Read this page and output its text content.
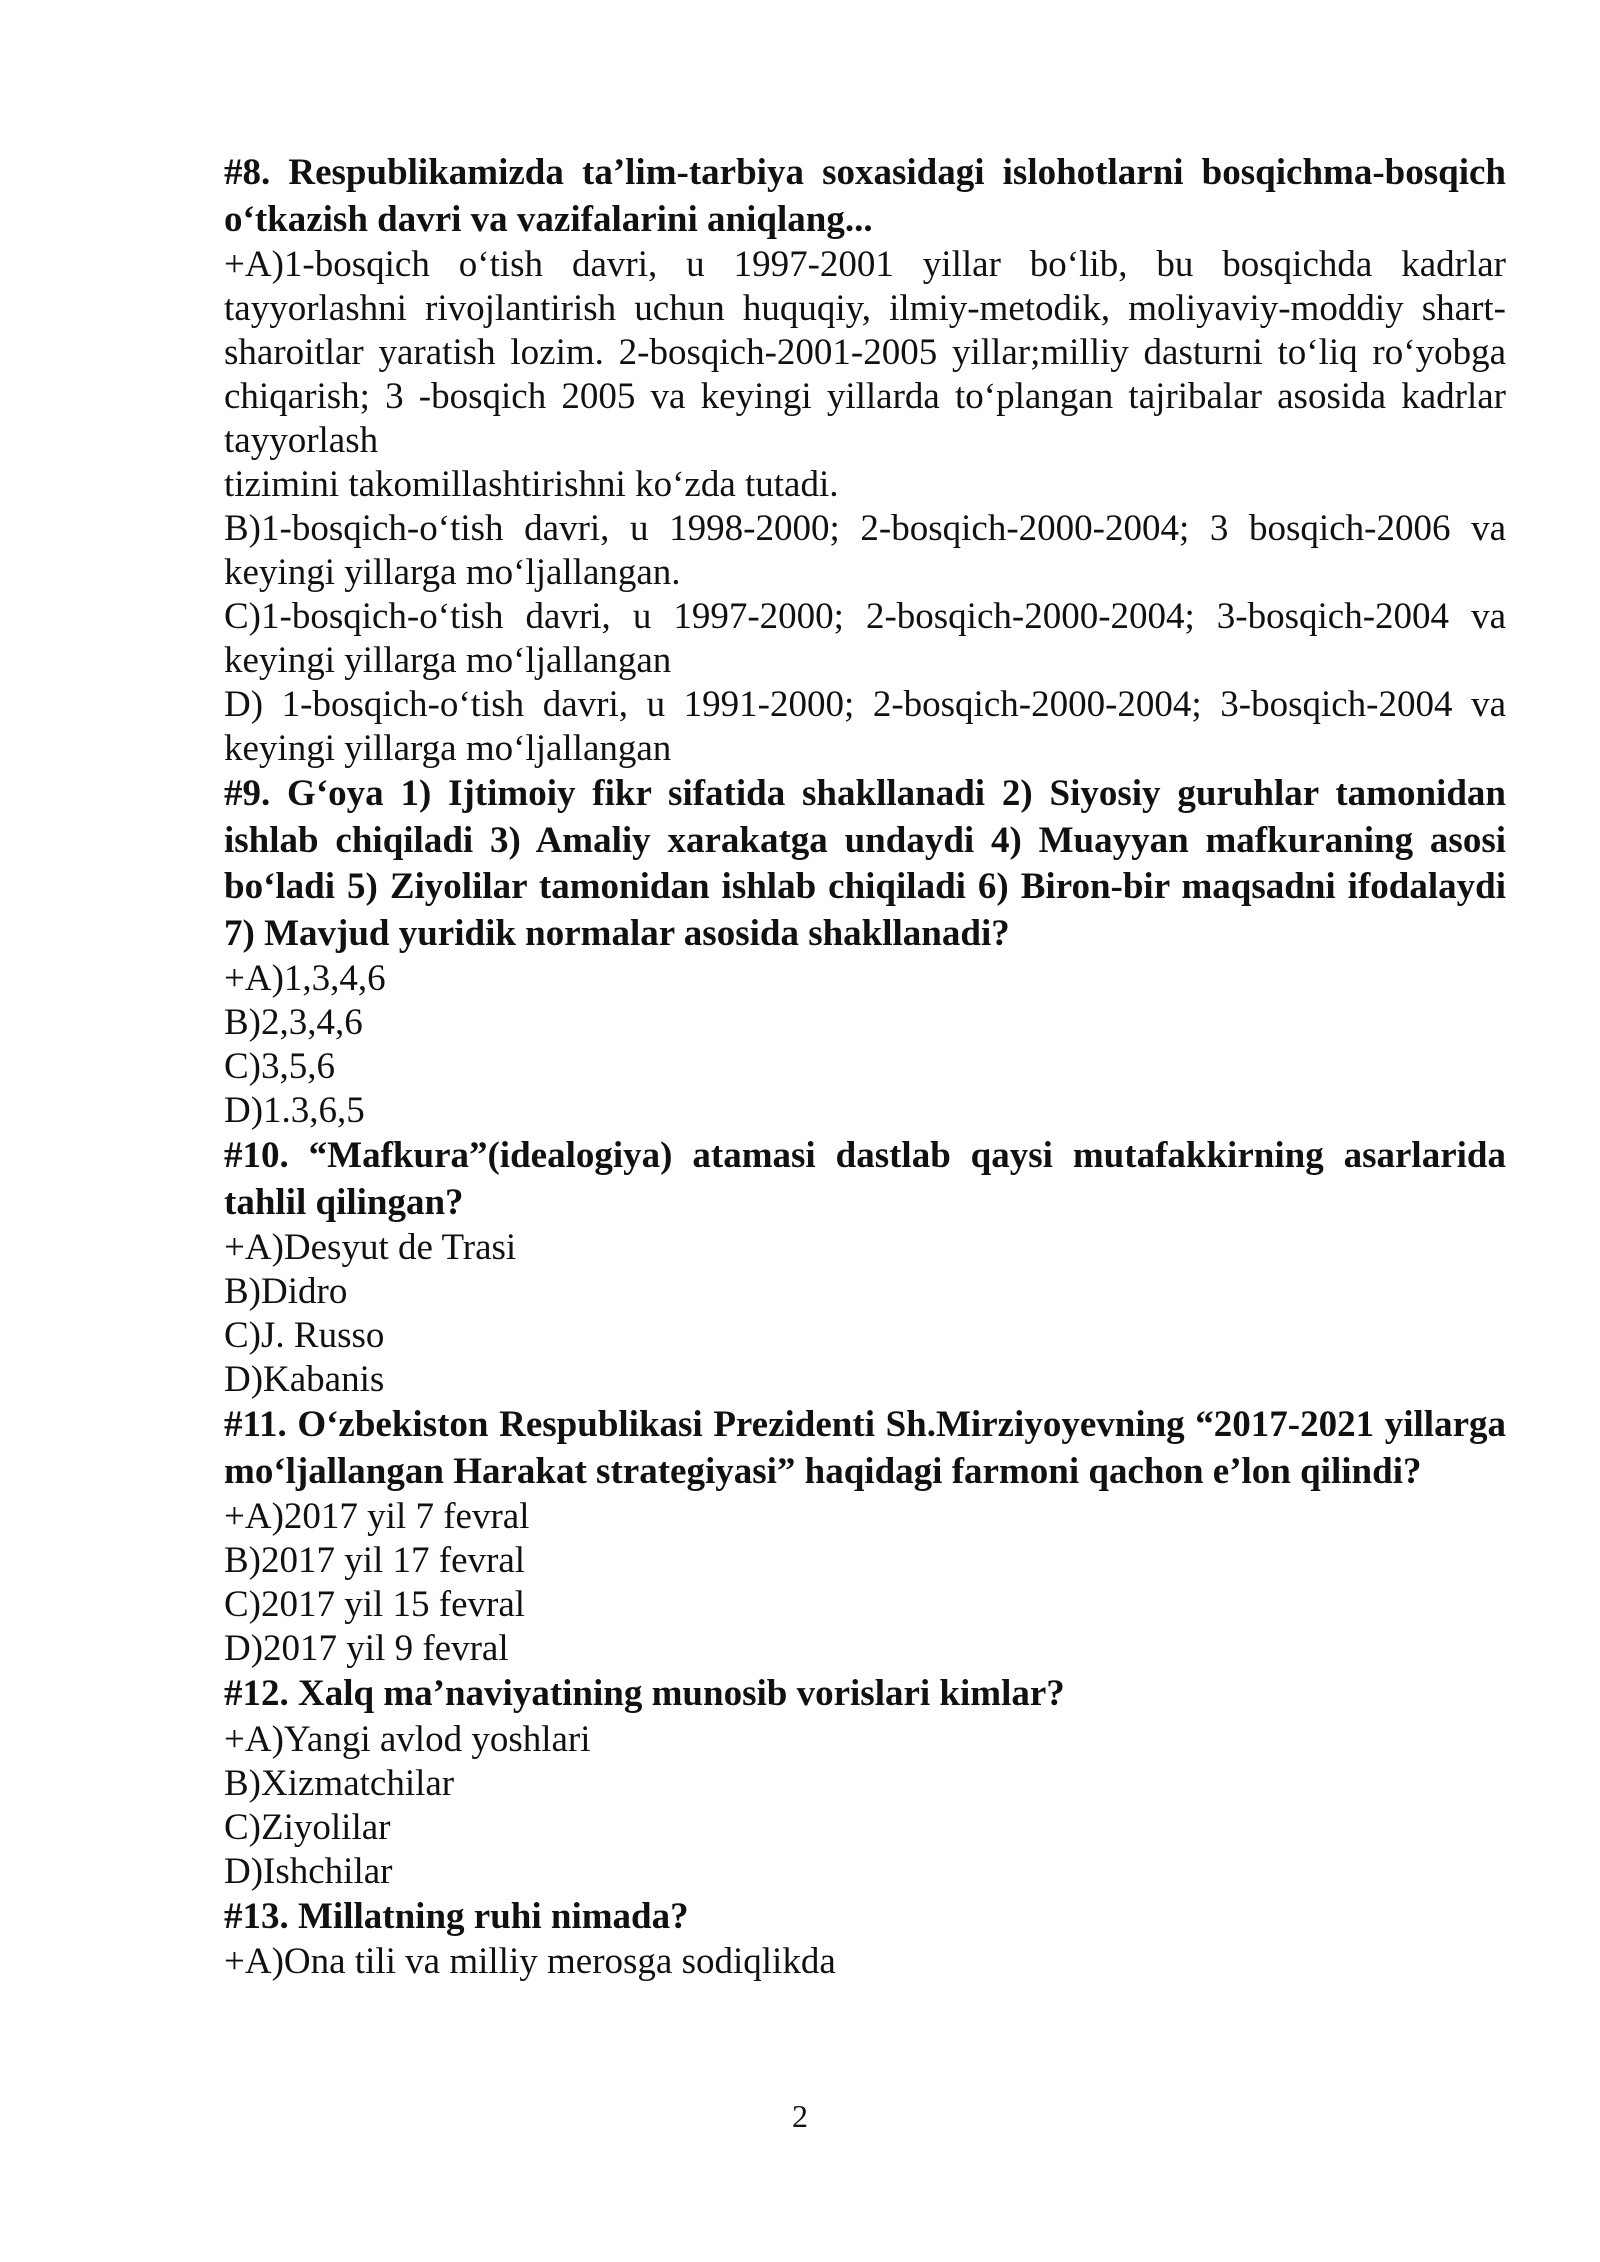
#8. Respublikamizda ta’lim-tarbiya soxasidagi islohotlarni bosqichma-bosqich o‘tkazish davri va vazifalarini aniqlang...

+A)1-bosqich o‘tish davri, u 1997-2001 yillar bo‘lib, bu bosqichda kadrlar tayyorlashni rivojlantirish uchun huquqiy, ilmiy-metodik, moliyaviy-moddiy shart-sharoitlar yaratish lozim. 2-bosqich-2001-2005 yillar;milliy dasturni to‘liq ro‘yobga chiqarish; 3 -bosqich 2005 va keyingi yillarda to‘plangan tajribalar asosida kadrlar tayyorlash

tizimini takomillashtirishni ko‘zda tutadi.

B)1-bosqich-o‘tish davri, u 1998-2000; 2-bosqich-2000-2004; 3 bosqich-2006 va keyingi yillarga mo‘ljallangan.

C)1-bosqich-o‘tish davri, u 1997-2000; 2-bosqich-2000-2004; 3-bosqich-2004 va keyingi yillarga mo‘ljallangan

D) 1-bosqich-o‘tish davri, u 1991-2000; 2-bosqich-2000-2004; 3-bosqich-2004 va keyingi yillarga mo‘ljallangan

#9. G‘oya 1) Ijtimoiy fikr sifatida shakllanadi 2) Siyosiy guruhlar tamonidan ishlab chiqiladi 3) Amaliy xarakatga undaydi 4) Muayyan mafkuraning asosi bo‘ladi 5) Ziyolilar tamonidan ishlab chiqiladi 6) Biron-bir maqsadni ifodalaydi 7) Mavjud yuridik normalar asosida shakllanadi?

+A)1,3,4,6

B)2,3,4,6

C)3,5,6

D)1.3,6,5

#10. “Mafkura”(idealogiya) atamasi dastlab qaysi mutafakkirning asarlarida tahlil qilingan?

+A)Desyut de Trasi

B)Didro

C)J. Russo

D)Kabanis

#11. O‘zbekiston Respublikasi Prezidenti Sh.Mirziyoyevning “2017-2021 yillarga mo‘ljallangan Harakat strategiyasi” haqidagi farmoni qachon e’lon qilindi?

+A)2017 yil 7 fevral

B)2017 yil 17 fevral

C)2017 yil 15 fevral

D)2017 yil 9 fevral

#12. Xalq ma’naviyatining munosib vorislari kimlar?

+A)Yangi avlod yoshlari

B)Xizmatchilar

C)Ziyolilar

D)Ishchilar

#13. Millatning ruhi nimada?

+A)Ona tili va milliy merosga sodiqlikda

2
